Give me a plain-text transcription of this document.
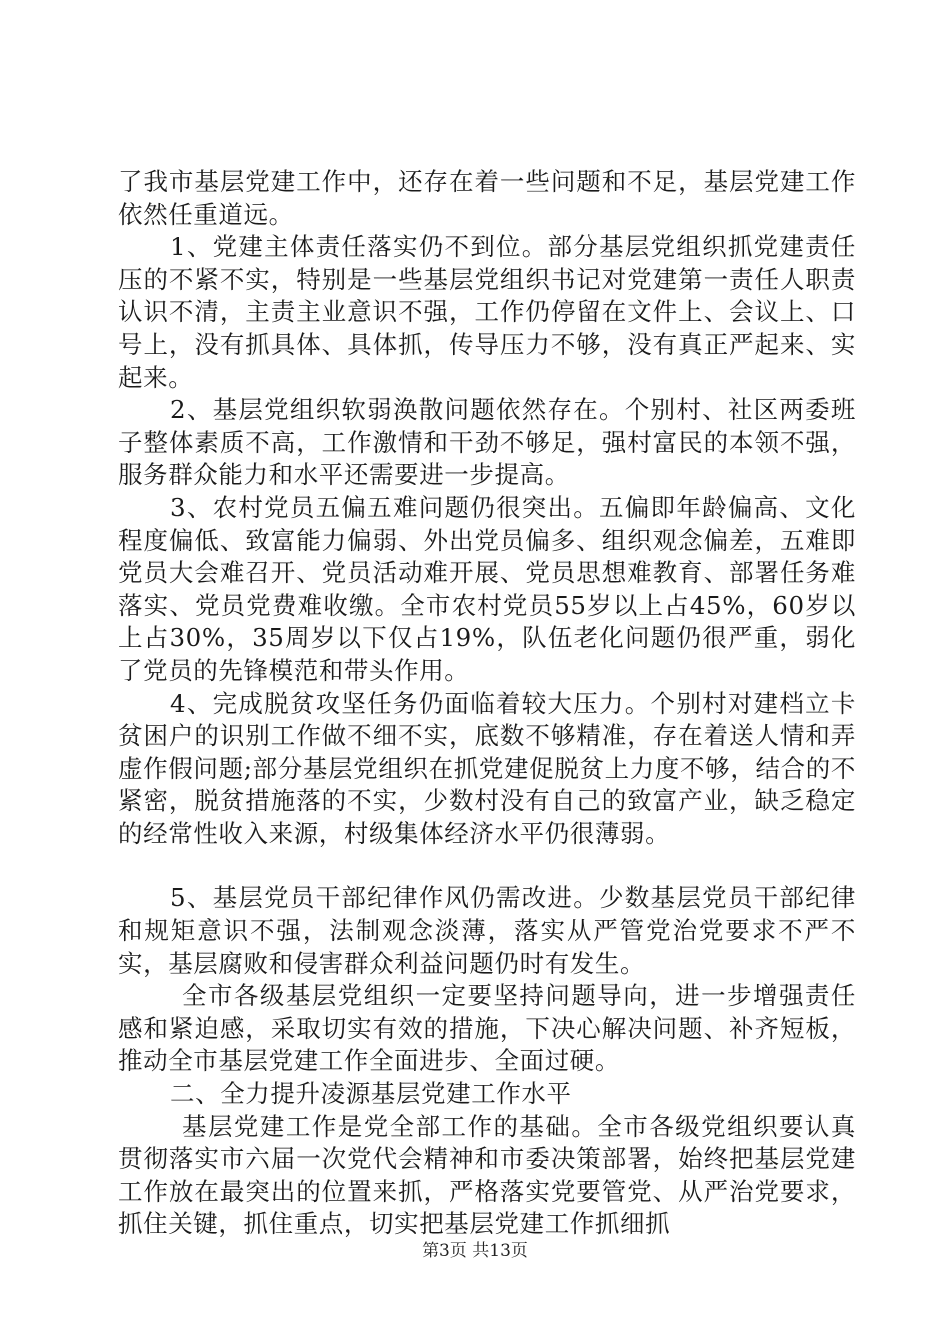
了我市基层党建工作中，还存在着一些问题和不足，基层党建工作依然任重道远。

1、党建主体责任落实仍不到位。部分基层党组织抓党建责任压的不紧不实，特别是一些基层党组织书记对党建第一责任人职责认识不清，主责主业意识不强，工作仍停留在文件上、会议上、口号上，没有抓具体、具体抓，传导压力不够，没有真正严起来、实起来。

2、基层党组织软弱涣散问题依然存在。个别村、社区两委班子整体素质不高，工作激情和干劲不够足，强村富民的本领不强，服务群众能力和水平还需要进一步提高。

3、农村党员五偏五难问题仍很突出。五偏即年龄偏高、文化程度偏低、致富能力偏弱、外出党员偏多、组织观念偏差，五难即党员大会难召开、党员活动难开展、党员思想难教育、部署任务难落实、党员党费难收缴。全市农村党员55岁以上占45%，60岁以上占30%，35周岁以下仅占19%，队伍老化问题仍很严重，弱化了党员的先锋模范和带头作用。

4、完成脱贫攻坚任务仍面临着较大压力。个别村对建档立卡贫困户的识别工作做不细不实，底数不够精准，存在着送人情和弄虚作假问题;部分基层党组织在抓党建促脱贫上力度不够，结合的不紧密，脱贫措施落的不实，少数村没有自己的致富产业，缺乏稳定的经常性收入来源，村级集体经济水平仍很薄弱。

5、基层党员干部纪律作风仍需改进。少数基层党员干部纪律和规矩意识不强，法制观念淡薄，落实从严管党治党要求不严不实，基层腐败和侵害群众利益问题仍时有发生。

全市各级基层党组织一定要坚持问题导向，进一步增强责任感和紧迫感，采取切实有效的措施，下决心解决问题、补齐短板，推动全市基层党建工作全面进步、全面过硬。

二、全力提升凌源基层党建工作水平

基层党建工作是党全部工作的基础。全市各级党组织要认真贯彻落实市六届一次党代会精神和市委决策部署，始终把基层党建工作放在最突出的位置来抓，严格落实党要管党、从严治党要求，抓住关键，抓住重点，切实把基层党建工作抓细抓

第3页 共13页
